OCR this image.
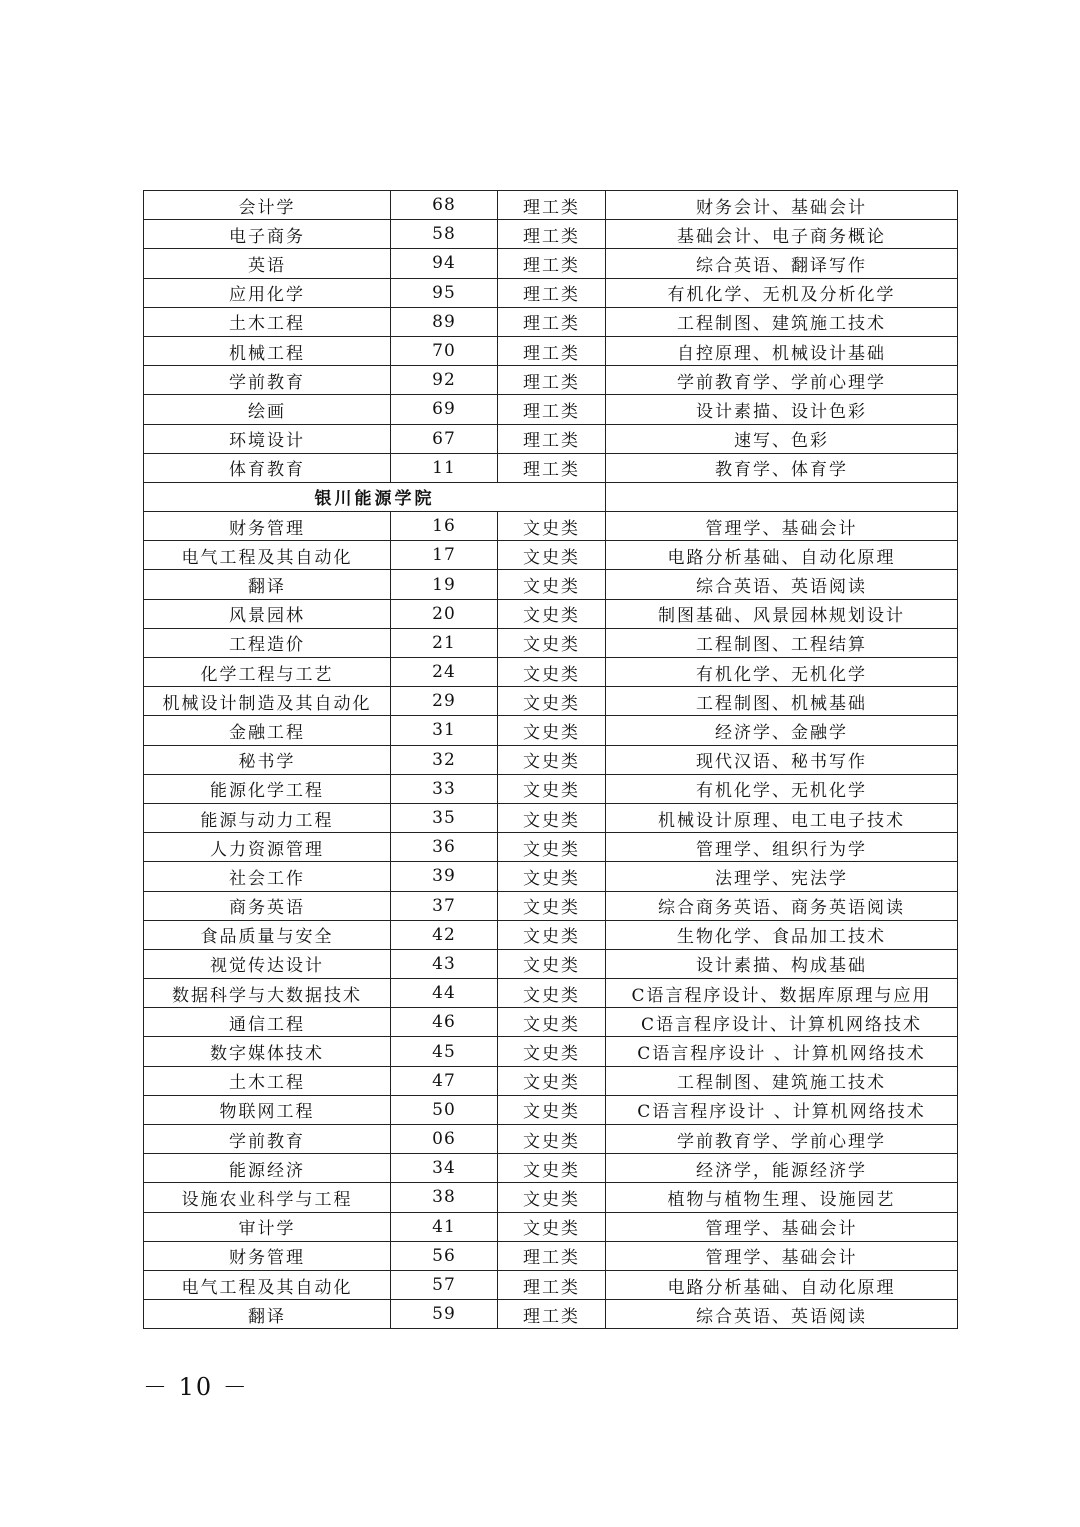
会计学	68	理工类	财务会计、基础会计
电子商务	58	理工类	基础会计、电子商务概论
英语	94	理工类	综合英语、翻译写作
应用化学	95	理工类	有机化学、无机及分析化学
土木工程	89	理工类	工程制图、建筑施工技术
机械工程	70	理工类	自控原理、机械设计基础
学前教育	92	理工类	学前教育学、学前心理学
绘画	69	理工类	设计素描、设计色彩
环境设计	67	理工类	速写、色彩
体育教育	11	理工类	教育学、体育学
银川能源学院			
财务管理	16	文史类	管理学、基础会计
电气工程及其自动化	17	文史类	电路分析基础、自动化原理
翻译	19	文史类	综合英语、英语阅读
风景园林	20	文史类	制图基础、风景园林规划设计
工程造价	21	文史类	工程制图、工程结算
化学工程与工艺	24	文史类	有机化学、无机化学
机械设计制造及其自动化	29	文史类	工程制图、机械基础
金融工程	31	文史类	经济学、金融学
秘书学	32	文史类	现代汉语、秘书写作
能源化学工程	33	文史类	有机化学、无机化学
能源与动力工程	35	文史类	机械设计原理、电工电子技术
人力资源管理	36	文史类	管理学、组织行为学
社会工作	39	文史类	法理学、宪法学
商务英语	37	文史类	综合商务英语、商务英语阅读
食品质量与安全	42	文史类	生物化学、食品加工技术
视觉传达设计	43	文史类	设计素描、构成基础
数据科学与大数据技术	44	文史类	C语言程序设计、数据库原理与应用
通信工程	46	文史类	C语言程序设计、计算机网络技术
数字媒体技术	45	文史类	C语言程序设计 、计算机网络技术
土木工程	47	文史类	工程制图、建筑施工技术
物联网工程	50	文史类	C语言程序设计 、计算机网络技术
学前教育	06	文史类	学前教育学、学前心理学
能源经济	34	文史类	经济学，能源经济学
设施农业科学与工程	38	文史类	植物与植物生理、设施园艺
审计学	41	文史类	管理学、基础会计
财务管理	56	理工类	管理学、基础会计
电气工程及其自动化	57	理工类	电路分析基础、自动化原理
翻译	59	理工类	综合英语、英语阅读
－ 10 －
